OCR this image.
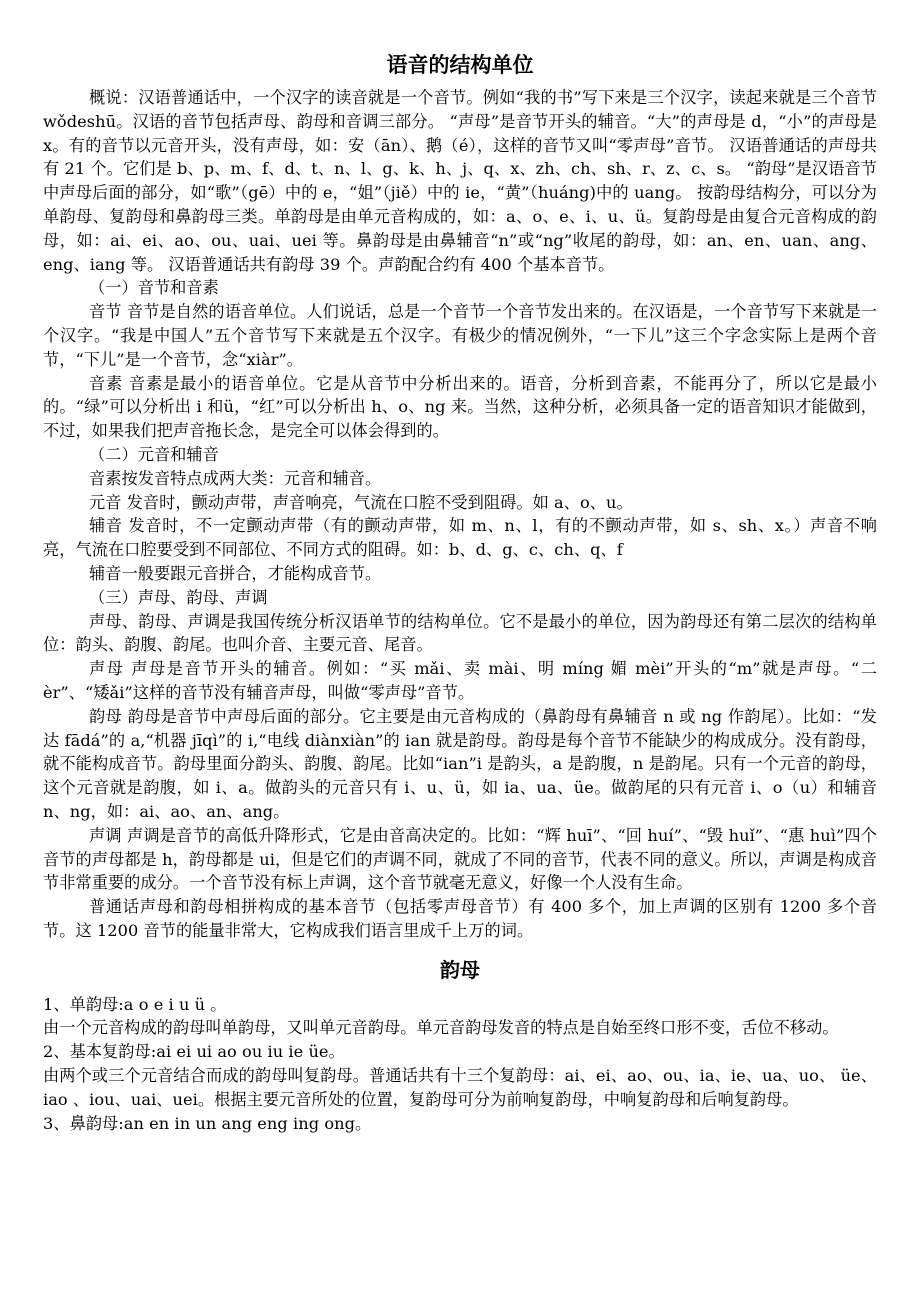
语音的结构单位

概说：汉语普通话中，一个汉字的读音就是一个音节。例如“我的书”写下来是三个汉字，读起来就是三个音节 wǒdeshū。汉语的音节包括声母、韵母和音调三部分。 “声母”是音节开头的辅音。“大”的声母是 d，“小”的声母是 x。有的音节以元音开头，没有声母，如：安（ān）、鹅（é），这样的音节又叫“零声母”音节。 汉语普通话的声母共有 21 个。它们是 b、p、m、f、d、t、n、l、g、k、h、j、q、x、zh、ch、sh、r、z、c、s。 “韵母”是汉语音节中声母后面的部分，如“歌”（gē）中的 e，“姐”（jiě）中的 ie，“黄”（huáng)中的 uang。 按韵母结构分，可以分为单韵母、复韵母和鼻韵母三类。单韵母是由单元音构成的，如：a、o、e、i、u、ü。复韵母是由复合元音构成的韵母，如：ai、ei、ao、ou、uai、uei 等。鼻韵母是由鼻辅音“n”或“ng”收尾的韵母，如：an、en、uan、ang、eng、iang 等。 汉语普通话共有韵母 39 个。声韵配合约有 400 个基本音节。

（一）音节和音素

音节 音节是自然的语音单位。人们说话，总是一个音节一个音节发出来的。在汉语是，一个音节写下来就是一个汉字。“我是中国人”五个音节写下来就是五个汉字。有极少的情况例外，“一下儿”这三个字念实际上是两个音节，“下儿”是一个音节，念“xiàr”。

音素 音素是最小的语音单位。它是从音节中分析出来的。语音，分析到音素，不能再分了，所以它是最小的。“绿”可以分析出 i 和ü，“红”可以分析出 h、o、ng 来。当然，这种分析，必须具备一定的语音知识才能做到，不过，如果我们把声音拖长念，是完全可以体会得到的。

（二）元音和辅音

音素按发音特点成两大类：元音和辅音。

元音 发音时，颤动声带，声音响亮，气流在口腔不受到阻碍。如 a、o、u。

辅音 发音时，不一定颤动声带（有的颤动声带，如 m、n、l，有的不颤动声带，如 s、sh、x。）声音不响亮，气流在口腔要受到不同部位、不同方式的阻碍。如：b、d、g、c、ch、q、f

辅音一般要跟元音拼合，才能构成音节。

（三）声母、韵母、声调

声母、韵母、声调是我国传统分析汉语单节的结构单位。它不是最小的单位，因为韵母还有第二层次的结构单位：韵头、韵腹、韵尾。也叫介音、主要元音、尾音。

声母 声母是音节开头的辅音。例如：“买 mǎi、卖 mài、明 míng 媚 mèi”开头的“m”就是声母。“二èr”、“矮ǎi”这样的音节没有辅音声母，叫做“零声母”音节。

韵母 韵母是音节中声母后面的部分。它主要是由元音构成的（鼻韵母有鼻辅音 n 或 ng 作韵尾）。比如：“发达 fādá”的 a,“机器 jīqì”的 i,“电线 diànxiàn”的 ian 就是韵母。韵母是每个音节不能缺少的构成成分。没有韵母，就不能构成音节。韵母里面分韵头、韵腹、韵尾。比如“ian”i 是韵头，a 是韵腹，n 是韵尾。只有一个元音的韵母，这个元音就是韵腹，如 i、a。做韵头的元音只有 i、u、ü，如 ia、ua、üe。做韵尾的只有元音 i、o（u）和辅音 n、ng，如：ai、ao、an、ang。

声调 声调是音节的高低升降形式，它是由音高决定的。比如：“辉 huī”、“回 huí”、“毁 huǐ”、“惠 huì”四个音节的声母都是 h，韵母都是 ui，但是它们的声调不同，就成了不同的音节，代表不同的意义。所以，声调是构成音节非常重要的成分。一个音节没有标上声调，这个音节就毫无意义，好像一个人没有生命。

普通话声母和韵母相拼构成的基本音节（包括零声母音节）有 400 多个，加上声调的区别有 1200 多个音节。这 1200 音节的能量非常大，它构成我们语言里成千上万的词。

韵母

1、单韵母:a o e i u ü 。

由一个元音构成的韵母叫单韵母，又叫单元音韵母。单元音韵母发音的特点是自始至终口形不变，舌位不移动。

2、基本复韵母:ai ei ui ao ou iu ie üe。

由两个或三个元音结合而成的韵母叫复韵母。普通话共有十三个复韵母：ai、ei、ao、ou、ia、ie、ua、uo、 üe、iao 、iou、uai、uei。根据主要元音所处的位置，复韵母可分为前响复韵母，中响复韵母和后响复韵母。

3、鼻韵母:an en in un ang eng ing ong。
